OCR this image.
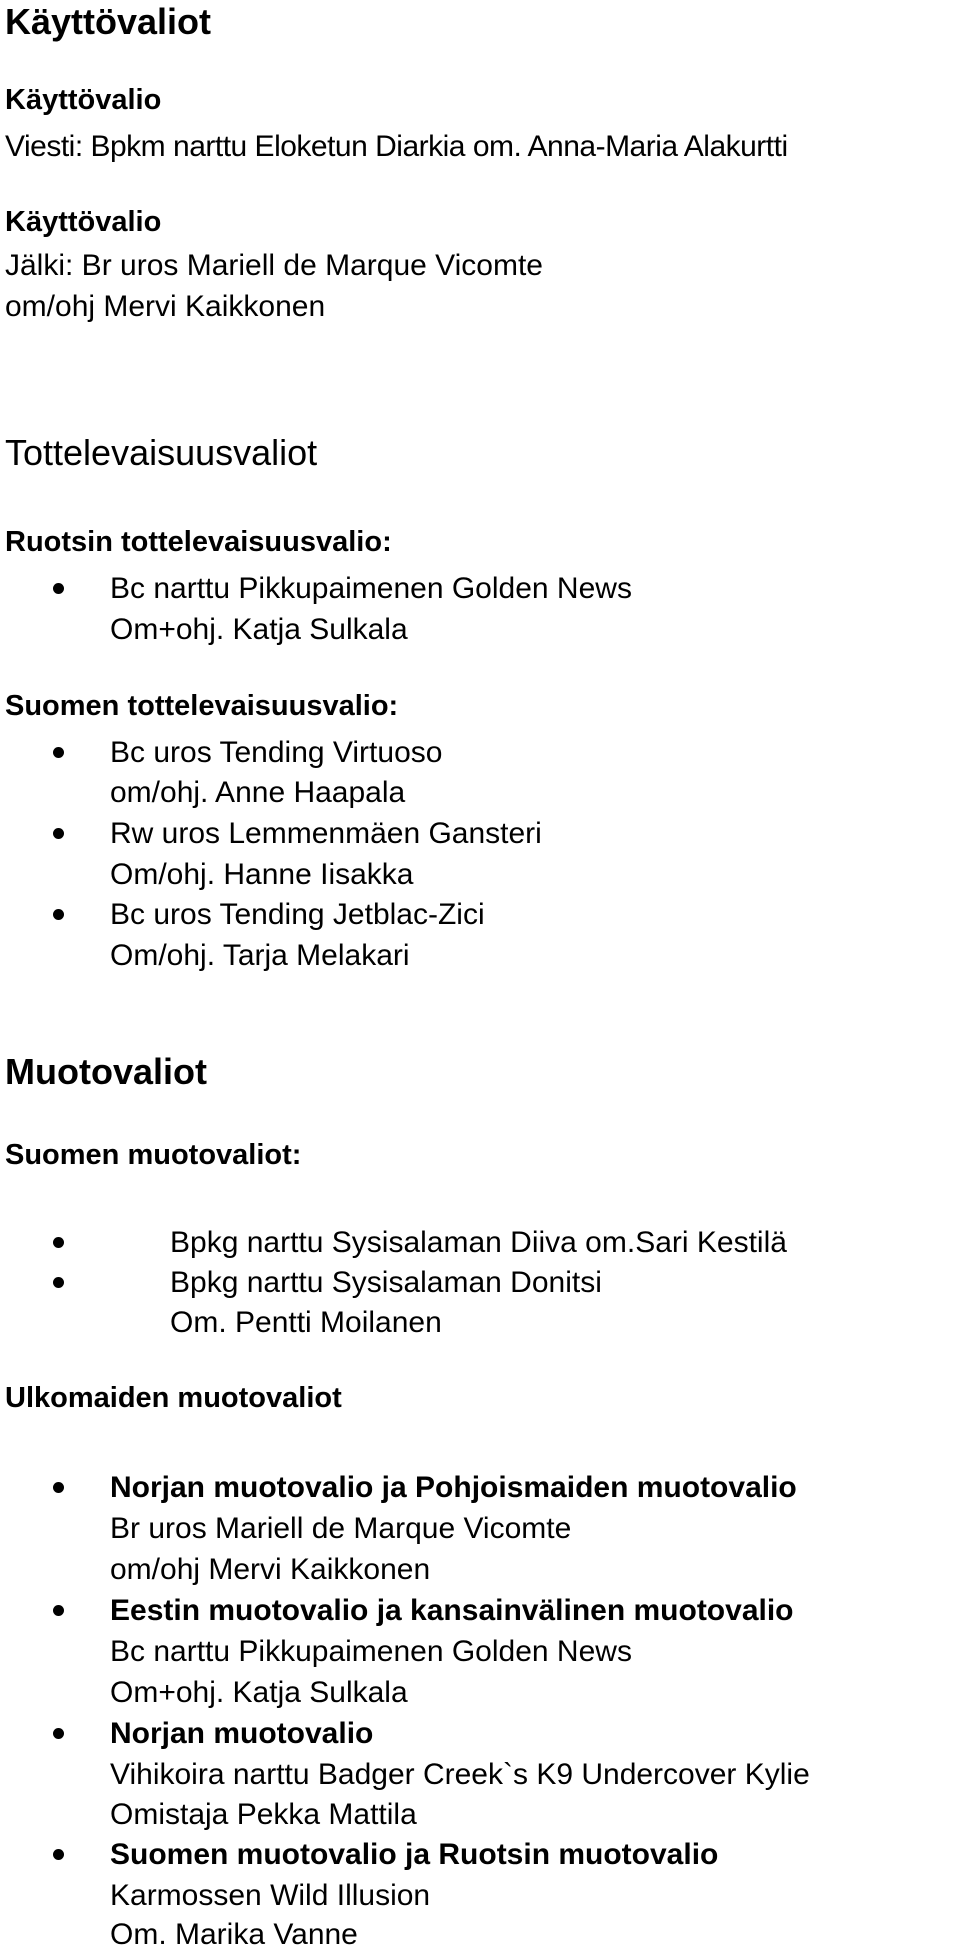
Käyttövaliot
Käyttövalio
Viesti: Bpkm narttu Eloketun Diarkia om. Anna-Maria Alakurtti
Käyttövalio
Jälki: Br uros Mariell de Marque Vicomte
om/ohj Mervi Kaikkonen
Tottelevaisuusvaliot
Ruotsin tottelevaisuusvalio:
Bc narttu Pikkupaimenen Golden News
Om+ohj. Katja Sulkala
Suomen tottelevaisuusvalio:
Bc uros Tending Virtuoso
om/ohj. Anne Haapala
Rw uros Lemmenmäen Gansteri
Om/ohj. Hanne Iisakka
Bc uros Tending Jetblac-Zici
Om/ohj. Tarja Melakari
Muotovaliot
Suomen muotovaliot:
Bpkg narttu Sysisalaman Diiva om.Sari Kestilä
Bpkg narttu Sysisalaman Donitsi
Om. Pentti Moilanen
Ulkomaiden muotovaliot
Norjan muotovalio ja Pohjoismaiden muotovalio
Br uros Mariell de Marque Vicomte
om/ohj Mervi Kaikkonen
Eestin muotovalio ja kansainvälinen muotovalio
Bc narttu Pikkupaimenen Golden News
Om+ohj. Katja Sulkala
Norjan muotovalio
Vihikoira narttu Badger Creek`s K9 Undercover Kylie
Omistaja Pekka Mattila
Suomen muotovalio ja Ruotsin muotovalio
Karmossen Wild Illusion
Om. Marika Vanne
